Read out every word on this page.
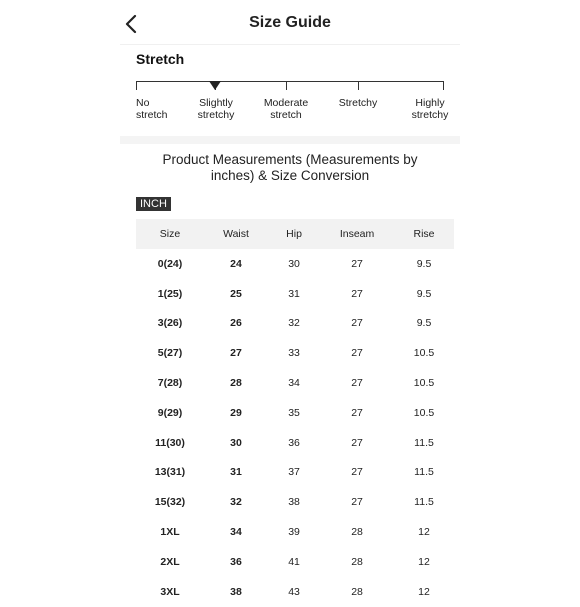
Size Guide
Stretch
No
stretch
Slightly
stretchy
Moderate
stretch
Stretchy	Highly
stretchy
Product Measurements (Measurements by inches) & Size Conversion
INCH
Size	Waist	Hip	Inseam	Rise
0(24)	24	30	27	9.5
1(25)	25	31	27	9.5
3(26)	26	32	27	9.5
5(27)	27	33	27	10.5
7(28)	28	34	27	10.5
9(29)	29	35	27	10.5
11(30)	30	36	27	11.5
13(31)	31	37	27	11.5
15(32)	32	38	27	11.5
1XL	34	39	28	12
2XL	36	41	28	12
3XL	38	43	28	12
